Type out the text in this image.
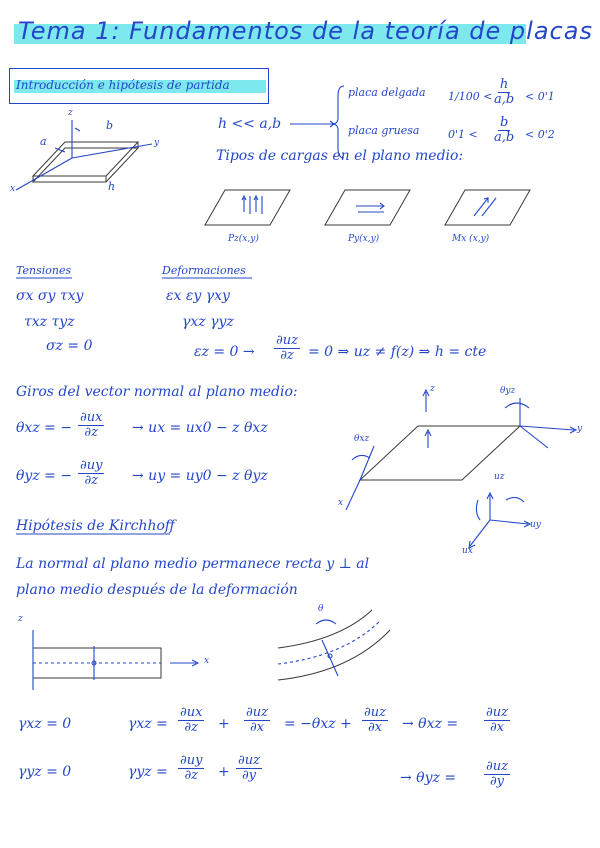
Tema 1: Fundamentos de la teoría de placas
Introducción e hipótesis de partida
b
a
h
z
x
y
h << a,b
placa delgada $1/100 < \frac{h}{a,b} < 0'1$
placa gruesa	$0'1 < \frac{b}{a,b} < 0'2$
Tipos de cargas en el plano medio:
Pz(x,y)	Py(x,y)	Mx (x,y)
Tensiones
σx σy τxy
τxz τyz
σz = 0
Deformaciones
εx εy γxy
γxz γyz
$\varepsilon z = 0 \to \frac{\partial uz}{\partial z} = 0$ ⇒ uz ≠ f(z) ⇒ h = cte
Giros del vector normal al plano medio:
θxz = − $\frac{\partial ux}{\partial z}$ → ux = ux0 − z θxz
θyz = − $\frac{\partial uy}{\partial z}$ → uy = uy0 − z θyz
θyz
θxz
z
x
y
uz
uy
ux
Hipótesis de Kirchhoff
La normal al plano medio permanece recta y ⊥ al
plano medio después de la deformación
z
x
θ
γxz = 0	$\gamma xz = \frac{\partial ux}{\partial z} + \frac{\partial uz}{\partial x} = -\theta xz + \frac{\partial uz}{\partial x} \to \theta xz = \frac{\partial uz}{\partial x}$
γyz = 0	$\gamma yz = \frac{\partial uy}{\partial z} + \frac{\partial uz}{\partial y}$	→ $\theta yz = \frac{\partial uz}{\partial y}$
